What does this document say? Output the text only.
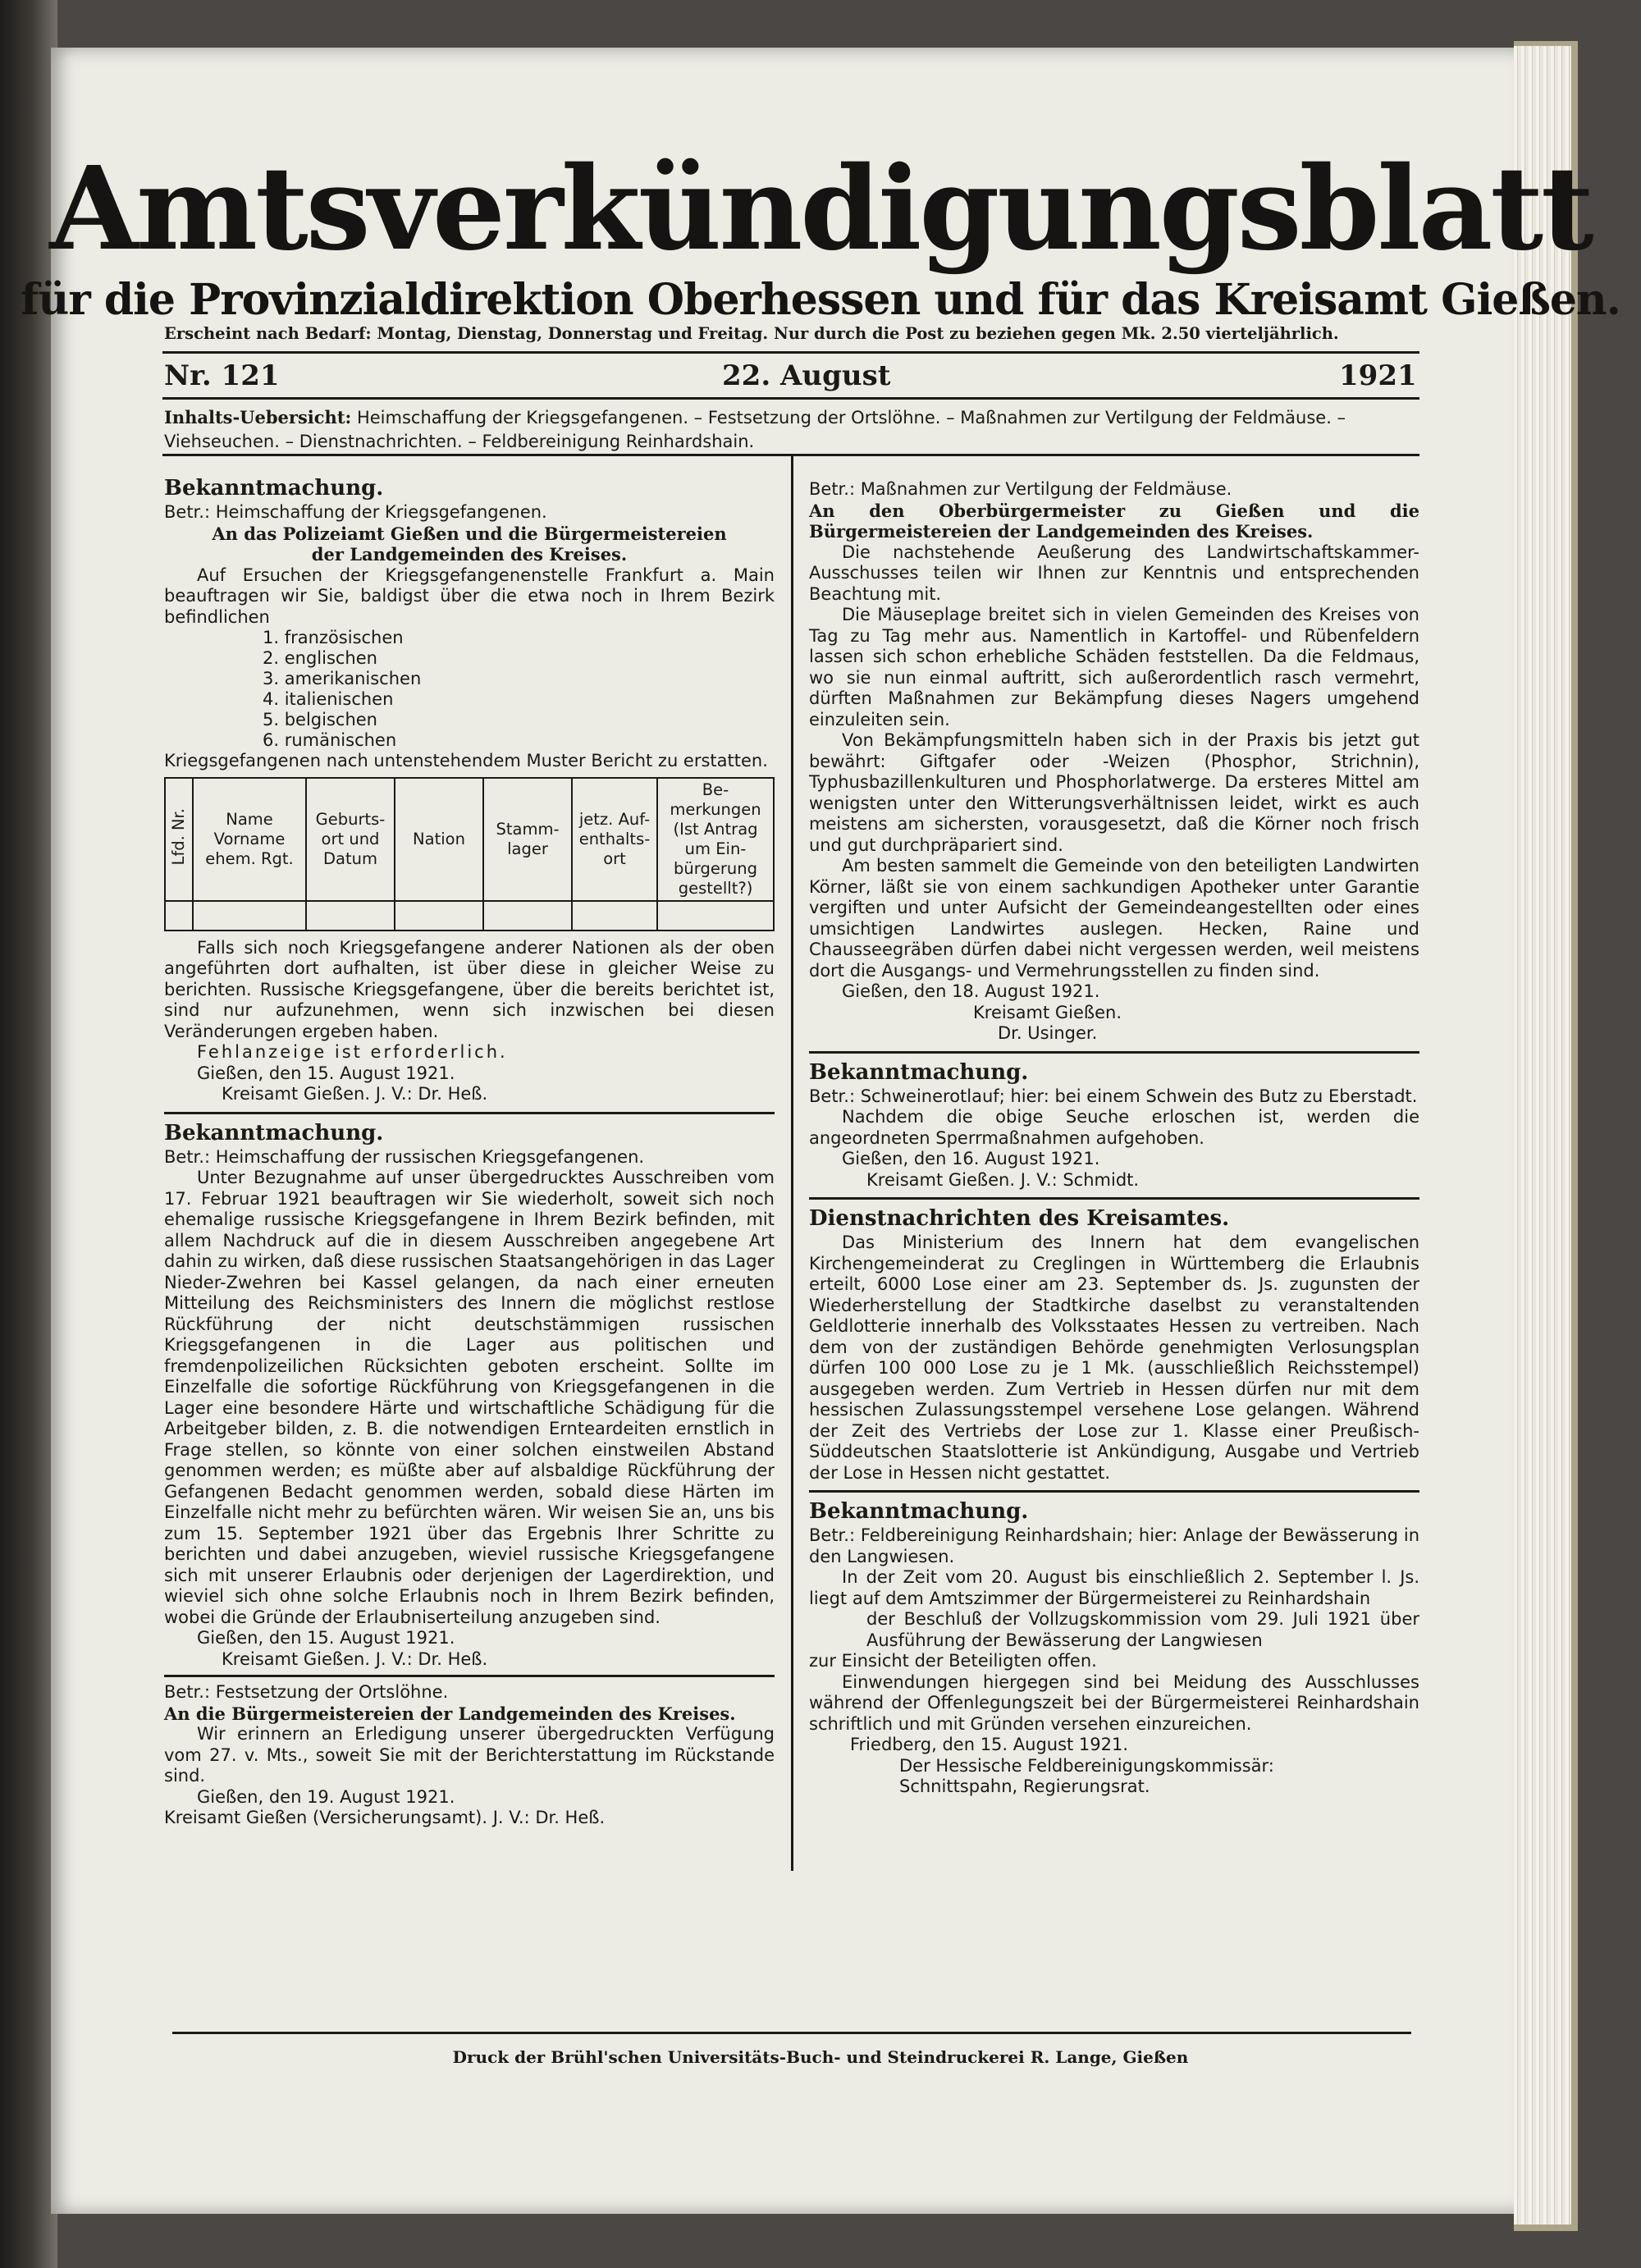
Amtsverkündigungsblatt
für die Provinzialdirektion Oberhessen und für das Kreisamt Gießen.
Erscheint nach Bedarf: Montag, Dienstag, Donnerstag und Freitag. Nur durch die Post zu beziehen gegen Mk. 2.50 vierteljährlich.
Nr. 121	22. August	1921
Inhalts-Uebersicht: Heimschaffung der Kriegsgefangenen. – Festsetzung der Ortslöhne. – Maßnahmen zur Vertilgung der Feldmäuse. – Viehseuchen. – Dienstnachrichten. – Feldbereinigung Reinhardshain.

Bekanntmachung.

Betr.: Heimschaffung der Kriegsgefangenen.

An das Polizeiamt Gießen und die Bürgermeistereien der Landgemeinden des Kreises.

Auf Ersuchen der Kriegsgefangenenstelle Frankfurt a. Main beauftragen wir Sie, baldigst über die etwa noch in Ihrem Bezirk befindlichen

1. französischen
2. englischen
3. amerikanischen
4. italienischen
5. belgischen
6. rumänischen

Kriegsgefangenen nach untenstehendem Muster Bericht zu erstatten.

Lfd. Nr.	Name Vorname ehem. Rgt.	Geburts-ort und Datum	Nation	Stamm-lager	jetz. Auf-enthalts-ort	Be-merkungen (Ist Antrag um Ein-bürgerung gestellt?)

Falls sich noch Kriegsgefangene anderer Nationen als der oben angeführten dort aufhalten, ist über diese in gleicher Weise zu berichten. Russische Kriegsgefangene, über die bereits berichtet ist, sind nur aufzunehmen, wenn sich inzwischen bei diesen Veränderungen ergeben haben.

Fehlanzeige ist erforderlich.

Gießen, den 15. August 1921.

Kreisamt Gießen. J. V.: Dr. Heß.

Bekanntmachung.

Betr.: Heimschaffung der russischen Kriegsgefangenen.

Unter Bezugnahme auf unser übergedrucktes Ausschreiben vom 17. Februar 1921 beauftragen wir Sie wiederholt, soweit sich noch ehemalige russische Kriegsgefangene in Ihrem Bezirk befinden, mit allem Nachdruck auf die in diesem Ausschreiben angegebene Art dahin zu wirken, daß diese russischen Staatsangehörigen in das Lager Nieder-Zwehren bei Kassel gelangen, da nach einer erneuten Mitteilung des Reichsministers des Innern die möglichst restlose Rückführung der nicht deutschstämmigen russischen Kriegsgefangenen in die Lager aus politischen und fremdenpolizeilichen Rücksichten geboten erscheint. Sollte im Einzelfalle die sofortige Rückführung von Kriegsgefangenen in die Lager eine besondere Härte und wirtschaftliche Schädigung für die Arbeitgeber bilden, z. B. die notwendigen Ernteardeiten ernstlich in Frage stellen, so könnte von einer solchen einstweilen Abstand genommen werden; es müßte aber auf alsbaldige Rückführung der Gefangenen Bedacht genommen werden, sobald diese Härten im Einzelfalle nicht mehr zu befürchten wären. Wir weisen Sie an, uns bis zum 15. September 1921 über das Ergebnis Ihrer Schritte zu berichten und dabei anzugeben, wieviel russische Kriegsgefangene sich mit unserer Erlaubnis oder derjenigen der Lagerdirektion, und wieviel sich ohne solche Erlaubnis noch in Ihrem Bezirk befinden, wobei die Gründe der Erlaubniserteilung anzugeben sind.

Gießen, den 15. August 1921.

Kreisamt Gießen. J. V.: Dr. Heß.

Betr.: Festsetzung der Ortslöhne.

An die Bürgermeistereien der Landgemeinden des Kreises.

Wir erinnern an Erledigung unserer übergedruckten Verfügung vom 27. v. Mts., soweit Sie mit der Berichterstattung im Rückstande sind.

Gießen, den 19. August 1921.

Kreisamt Gießen (Versicherungsamt). J. V.: Dr. Heß.

Betr.: Maßnahmen zur Vertilgung der Feldmäuse.

An den Oberbürgermeister zu Gießen und die Bürgermeistereien der Landgemeinden des Kreises.

Die nachstehende Aeußerung des Landwirtschaftskammer-Ausschusses teilen wir Ihnen zur Kenntnis und entsprechenden Beachtung mit.

Die Mäuseplage breitet sich in vielen Gemeinden des Kreises von Tag zu Tag mehr aus. Namentlich in Kartoffel- und Rübenfeldern lassen sich schon erhebliche Schäden feststellen. Da die Feldmaus, wo sie nun einmal auftritt, sich außerordentlich rasch vermehrt, dürften Maßnahmen zur Bekämpfung dieses Nagers umgehend einzuleiten sein.

Von Bekämpfungsmitteln haben sich in der Praxis bis jetzt gut bewährt: Giftgafer oder -Weizen (Phosphor, Strichnin), Typhusbazillenkulturen und Phosphorlatwerge. Da ersteres Mittel am wenigsten unter den Witterungsverhältnissen leidet, wirkt es auch meistens am sichersten, vorausgesetzt, daß die Körner noch frisch und gut durchpräpariert sind.

Am besten sammelt die Gemeinde von den beteiligten Landwirten Körner, läßt sie von einem sachkundigen Apotheker unter Garantie vergiften und unter Aufsicht der Gemeindeangestellten oder eines umsichtigen Landwirtes auslegen. Hecken, Raine und Chausseegräben dürfen dabei nicht vergessen werden, weil meistens dort die Ausgangs- und Vermehrungsstellen zu finden sind.

Gießen, den 18. August 1921.

Kreisamt Gießen.

Dr. Usinger.

Bekanntmachung.

Betr.: Schweinerotlauf; hier: bei einem Schwein des Butz zu Eberstadt.

Nachdem die obige Seuche erloschen ist, werden die angeordneten Sperrmaßnahmen aufgehoben.

Gießen, den 16. August 1921.

Kreisamt Gießen. J. V.: Schmidt.

Dienstnachrichten des Kreisamtes.

Das Ministerium des Innern hat dem evangelischen Kirchengemeinderat zu Creglingen in Württemberg die Erlaubnis erteilt, 6000 Lose einer am 23. September ds. Js. zugunsten der Wiederherstellung der Stadtkirche daselbst zu veranstaltenden Geldlotterie innerhalb des Volksstaates Hessen zu vertreiben. Nach dem von der zuständigen Behörde genehmigten Verlosungsplan dürfen 100 000 Lose zu je 1 Mk. (ausschließlich Reichsstempel) ausgegeben werden. Zum Vertrieb in Hessen dürfen nur mit dem hessischen Zulassungsstempel versehene Lose gelangen. Während der Zeit des Vertriebs der Lose zur 1. Klasse einer Preußisch-Süddeutschen Staatslotterie ist Ankündigung, Ausgabe und Vertrieb der Lose in Hessen nicht gestattet.

Bekanntmachung.

Betr.: Feldbereinigung Reinhardshain; hier: Anlage der Bewässerung in den Langwiesen.

In der Zeit vom 20. August bis einschließlich 2. September l. Js. liegt auf dem Amtszimmer der Bürgermeisterei zu Reinhardshain

der Beschluß der Vollzugskommission vom 29. Juli 1921 über Ausführung der Bewässerung der Langwiesen

zur Einsicht der Beteiligten offen.

Einwendungen hiergegen sind bei Meidung des Ausschlusses während der Offenlegungszeit bei der Bürgermeisterei Reinhardshain schriftlich und mit Gründen versehen einzureichen.

Friedberg, den 15. August 1921.

Der Hessische Feldbereinigungskommissär:

Schnittspahn, Regierungsrat.

Druck der Brühl'schen Universitäts-Buch- und Steindruckerei R. Lange, Gießen
